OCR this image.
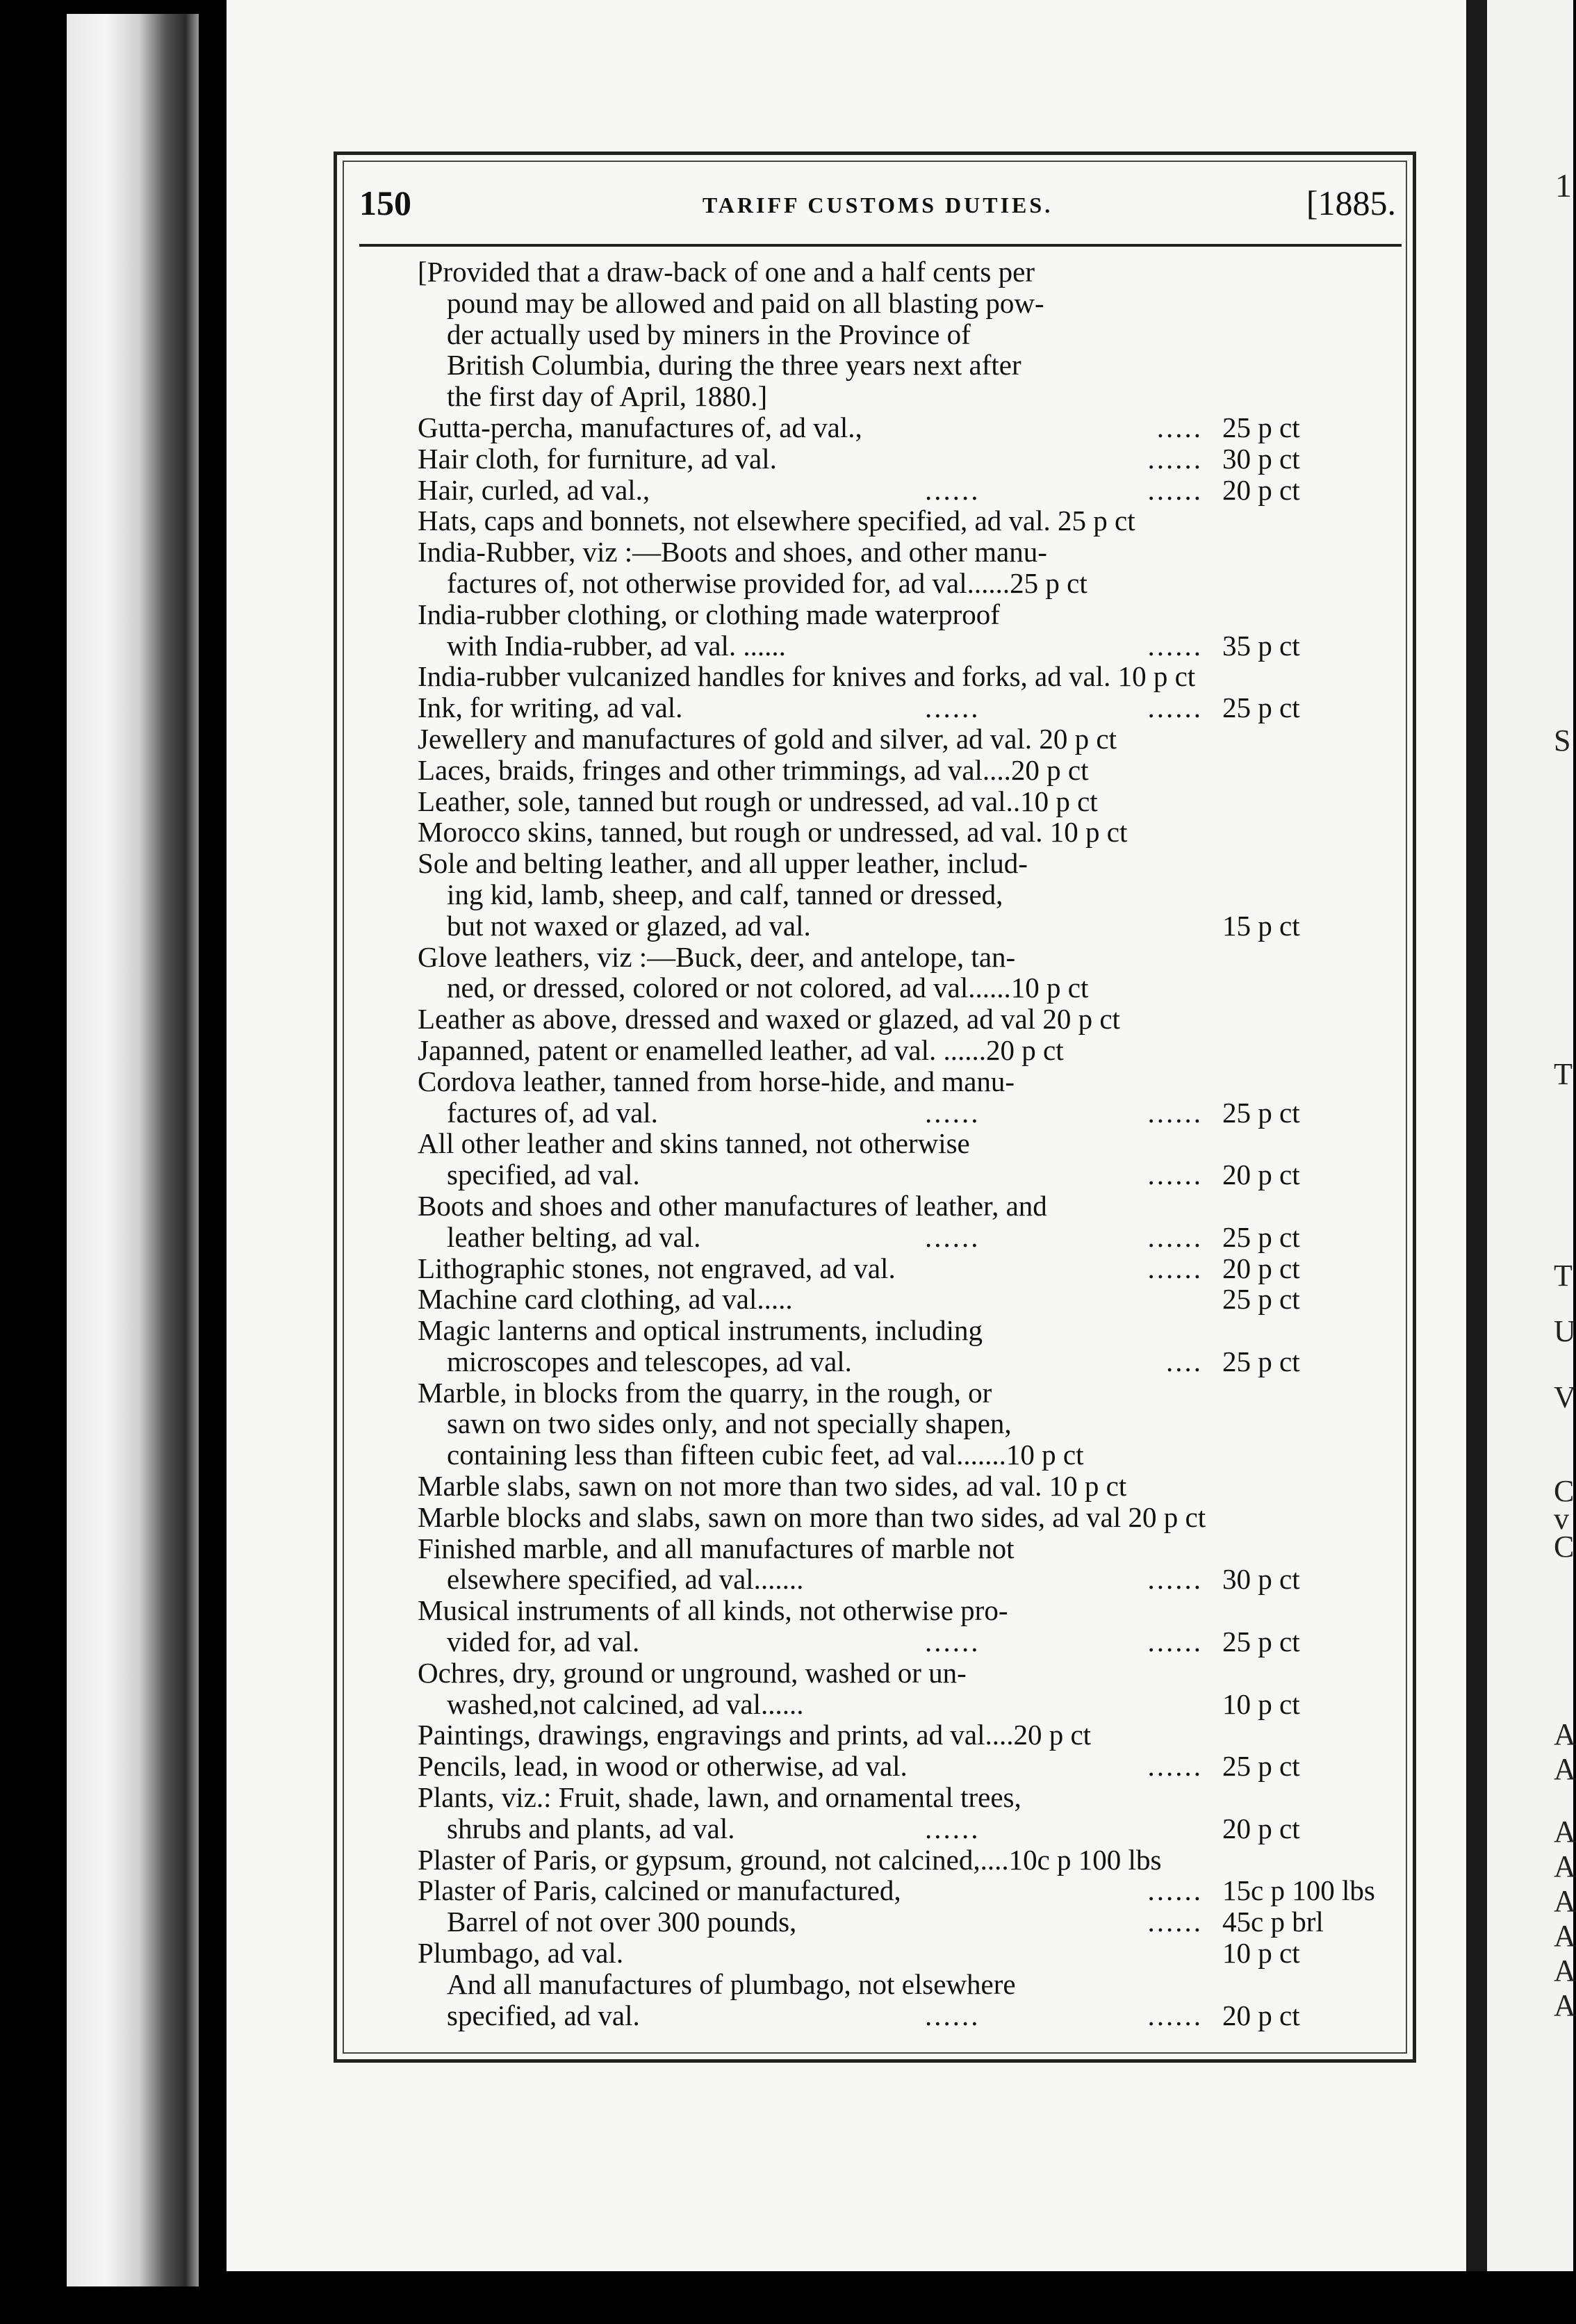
150	TARIFF CUSTOMS DUTIES.	[1885.
[Provided that a draw-back of one and a half cents per
pound may be allowed and paid on all blasting pow-
der actually used by miners in the Province of
British Columbia, during the three years next after
the first day of April, 1880.]
Gutta-percha, manufactures of, ad val.,	..... 25 p ct
Hair cloth, for furniture, ad val.	...... 30 p ct
Hair, curled, ad val.,	......	...... 20 p ct
Hats, caps and bonnets, not elsewhere specified, ad val. 25 p ct
India-Rubber, viz :—Boots and shoes, and other manu-
factures of, not otherwise provided for, ad val......25 p ct
India-rubber clothing, or clothing made waterproof
with India-rubber, ad val. ......	...... 35 p ct
India-rubber vulcanized handles for knives and forks, ad val. 10 p ct
Ink, for writing, ad val.	......	...... 25 p ct
Jewellery and manufactures of gold and silver, ad val. 20 p ct
Laces, braids, fringes and other trimmings, ad val....20 p ct
Leather, sole, tanned but rough or undressed, ad val..10 p ct
Morocco skins, tanned, but rough or undressed, ad val. 10 p ct
Sole and belting leather, and all upper leather, includ-
ing kid, lamb, sheep, and calf, tanned or dressed,
but not waxed or glazed, ad val.	15 p ct
Glove leathers, viz :—Buck, deer, and antelope, tan-
ned, or dressed, colored or not colored, ad val......10 p ct
Leather as above, dressed and waxed or glazed, ad val 20 p ct
Japanned, patent or enamelled leather, ad val. ......20 p ct
Cordova leather, tanned from horse-hide, and manu-
factures of, ad val.	......	...... 25 p ct
All other leather and skins tanned, not otherwise
specified, ad val.	...... 20 p ct
Boots and shoes and other manufactures of leather, and
leather belting, ad val.	......	...... 25 p ct
Lithographic stones, not engraved, ad val.	...... 20 p ct
Machine card clothing, ad val.....	25 p ct
Magic lanterns and optical instruments, including
microscopes and telescopes, ad val.	.... 25 p ct
Marble, in blocks from the quarry, in the rough, or
sawn on two sides only, and not specially shapen,
containing less than fifteen cubic feet, ad val.......10 p ct
Marble slabs, sawn on not more than two sides, ad val. 10 p ct
Marble blocks and slabs, sawn on more than two sides, ad val 20 p ct
Finished marble, and all manufactures of marble not
elsewhere specified, ad val.......	...... 30 p ct
Musical instruments of all kinds, not otherwise pro-
vided for, ad val.	......	...... 25 p ct
Ochres, dry, ground or unground, washed or un-
washed,not calcined, ad val......	10 p ct
Paintings, drawings, engravings and prints, ad val....20 p ct
Pencils, lead, in wood or otherwise, ad val.	...... 25 p ct
Plants, viz.: Fruit, shade, lawn, and ornamental trees,
shrubs and plants, ad val.	......	20 p ct
Plaster of Paris, or gypsum, ground, not calcined,....10c p 100 lbs
Plaster of Paris, calcined or manufactured,	...... 15c p 100 lbs
Barrel of not over 300 pounds,	...... 45c p brl
Plumbago, ad val.	10 p ct
And all manufactures of plumbago, not elsewhere
specified, ad val.	......	...... 20 p ct
1
S
T
T
U
V
C
v
C
A
A
A
A
A
A
A
A
